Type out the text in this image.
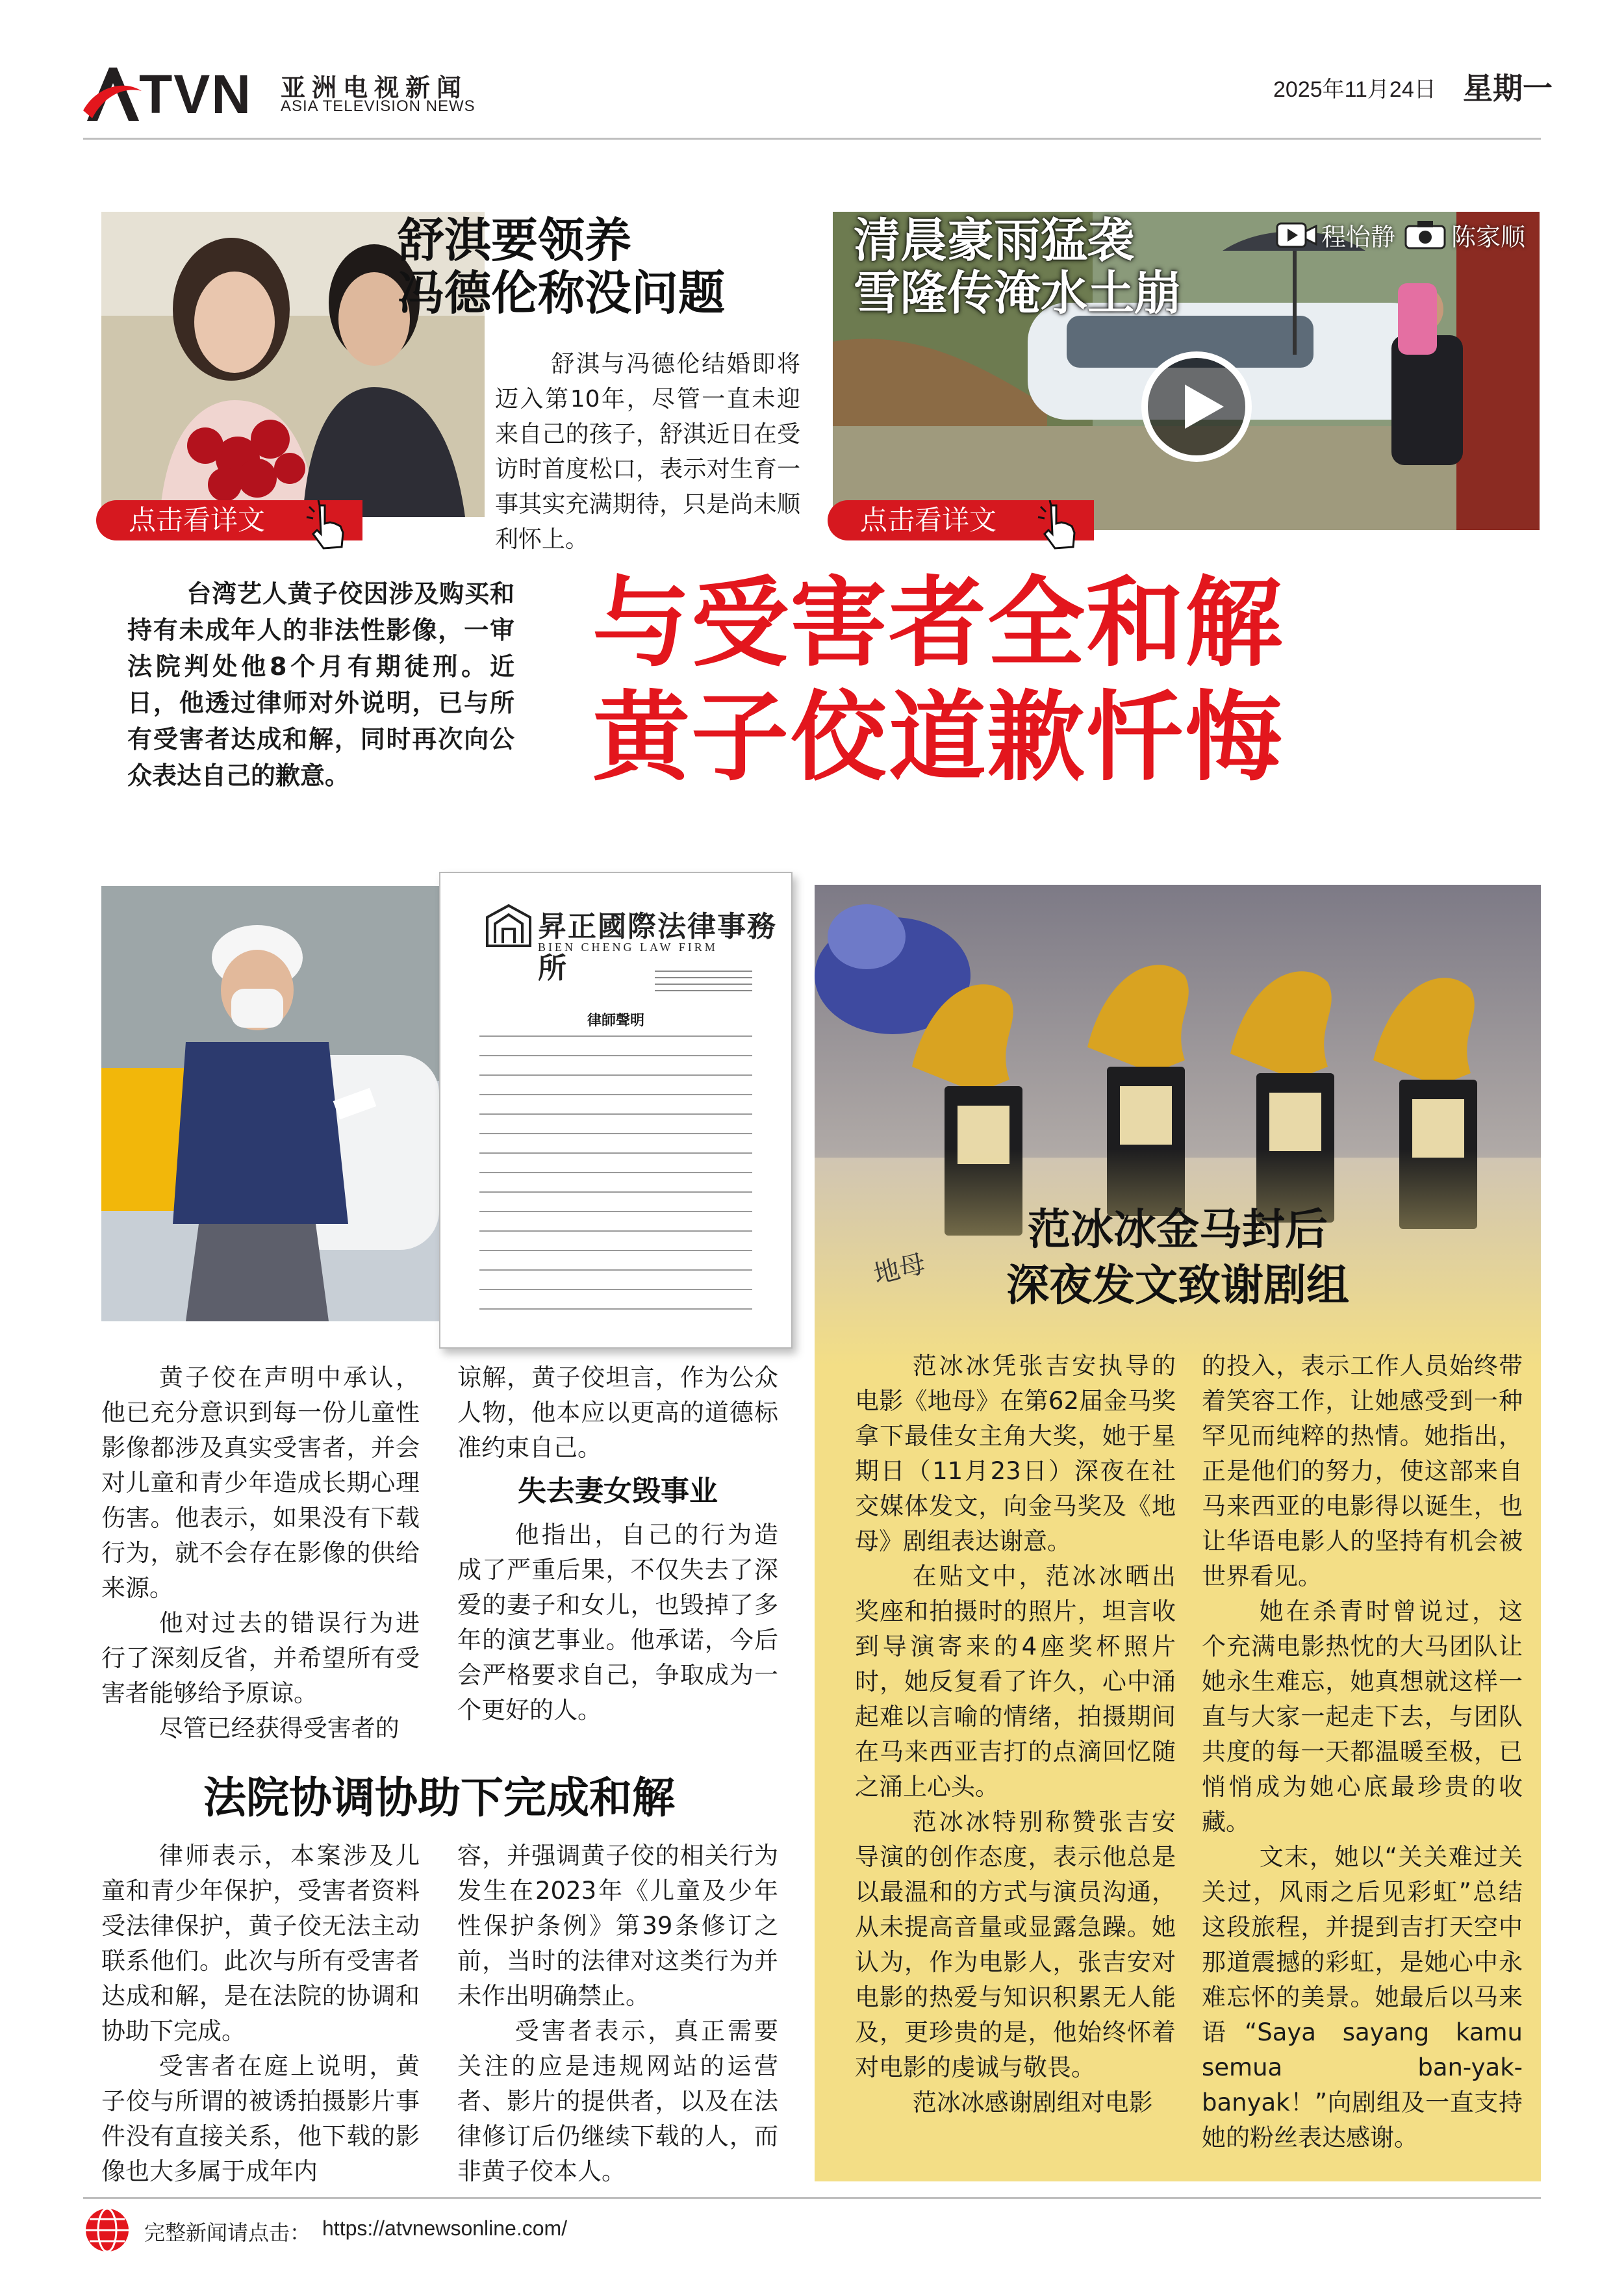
TVN 亚洲电视新闻
ASIA TELEVISION NEWS
2025年11月24日 星期一
舒淇要领养
冯德伦称没问题

舒淇与冯德伦结婚即将迈入第10年，尽管一直未迎来自己的孩子，舒淇近日在受访时首度松口，表示对生育一事其实充满期待，只是尚未顺利怀上。

点击看详文
清晨豪雨猛袭
雪隆传淹水土崩
程怡静 陈家顺
点击看详文

台湾艺人黄子佼因涉及购买和持有未成年人的非法性影像，一审法院判处他8个月有期徒刑。近日，他透过律师对外说明，已与所有受害者达成和解，同时再次向公众表达自己的歉意。

与受害者全和解
黄子佼道歉忏悔
昇正國際法律事務所
BIEN CHENG LAW FIRM
律師聲明

黄子佼在声明中承认，他已充分意识到每一份儿童性影像都涉及真实受害者，并会对儿童和青少年造成长期心理伤害。他表示，如果没有下载行为，就不会存在影像的供给来源。

他对过去的错误行为进行了深刻反省，并希望所有受害者能够给予原谅。

尽管已经获得受害者的

谅解，黄子佼坦言，作为公众人物，他本应以更高的道德标准约束自己。

失去妻女毁事业

他指出，自己的行为造成了严重后果，不仅失去了深爱的妻子和女儿，也毁掉了多年的演艺事业。他承诺，今后会严格要求自己，争取成为一个更好的人。

法院协调协助下完成和解

律师表示，本案涉及儿童和青少年保护，受害者资料受法律保护，黄子佼无法主动联系他们。此次与所有受害者达成和解，是在法院的协调和协助下完成。

受害者在庭上说明，黄子佼与所谓的被诱拍摄影片事件没有直接关系，他下载的影像也大多属于成年内

容，并强调黄子佼的相关行为发生在2023年《儿童及少年性保护条例》第39条修订之前，当时的法律对这类行为并未作出明确禁止。

受害者表示，真正需要关注的应是违规网站的运营者、影片的提供者，以及在法律修订后仍继续下载的人，而非黄子佼本人。

地母
范冰冰金马封后
深夜发文致谢剧组

范冰冰凭张吉安执导的电影《地母》在第62届金马奖拿下最佳女主角大奖，她于星期日（11月23日）深夜在社交媒体发文，向金马奖及《地母》剧组表达谢意。

在贴文中，范冰冰晒出奖座和拍摄时的照片，坦言收到导演寄来的4座奖杯照片时，她反复看了许久，心中涌起难以言喻的情绪，拍摄期间在马来西亚吉打的点滴回忆随之涌上心头。

范冰冰特别称赞张吉安导演的创作态度，表示他总是以最温和的方式与演员沟通，从未提高音量或显露急躁。她认为，作为电影人，张吉安对电影的热爱与知识积累无人能及，更珍贵的是，他始终怀着对电影的虔诚与敬畏。

范冰冰感谢剧组对电影

的投入，表示工作人员始终带着笑容工作，让她感受到一种罕见而纯粹的热情。她指出，正是他们的努力，使这部来自马来西亚的电影得以诞生，也让华语电影人的坚持有机会被世界看见。

她在杀青时曾说过，这个充满电影热忱的大马团队让她永生难忘，她真想就这样一直与大家一起走下去，与团队共度的每一天都温暖至极，已悄悄成为她心底最珍贵的收藏。

文末，她以“关关难过关关过，风雨之后见彩虹”总结这段旅程，并提到吉打天空中那道震撼的彩虹，是她心中永难忘怀的美景。她最后以马来语“Saya sayang kamu semua ban-yak-banyak！”向剧组及一直支持她的粉丝表达感谢。

完整新闻请点击： https://atvnewsonline.com/
